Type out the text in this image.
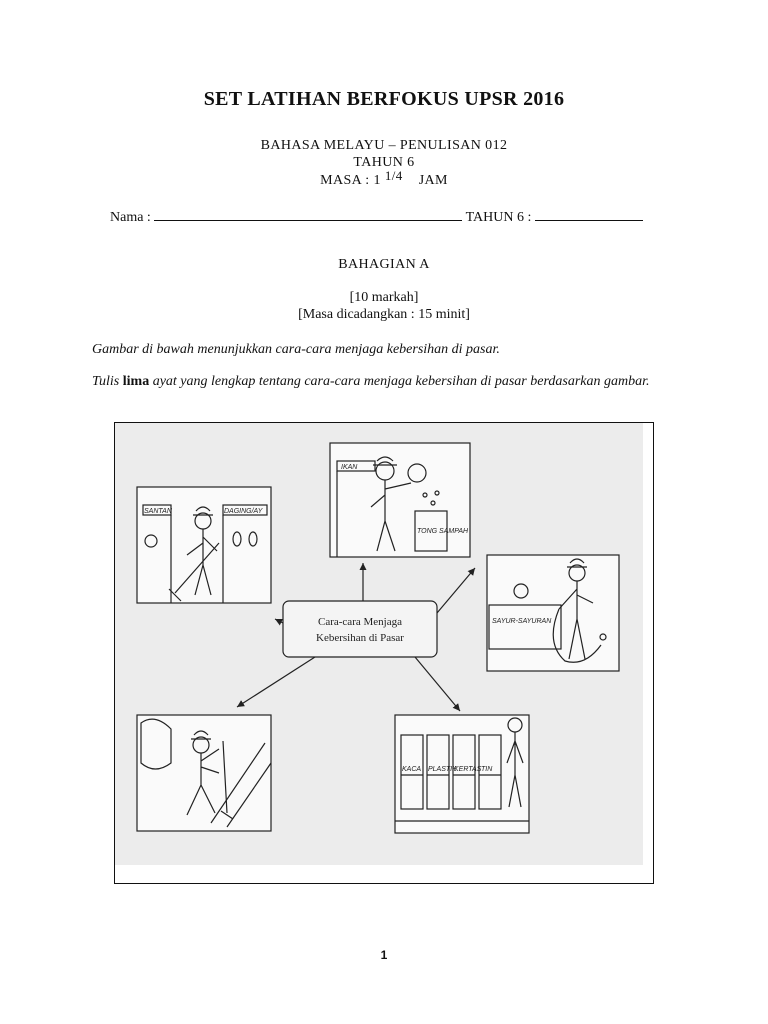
SET LATIHAN BERFOKUS UPSR 2016
BAHASA MELAYU – PENULISAN 012
TAHUN 6
MASA : 1 1/4 JAM
Nama :	TAHUN 6 :
BAHAGIAN A
[10 markah]
[Masa dicadangkan : 15 minit]
Gambar di bawah menunjukkan cara-cara menjaga kebersihan di pasar.
Tulis lima ayat yang lengkap tentang cara-cara menjaga kebersihan di pasar berdasarkan gambar.
Cara-cara Menjaga
Kebersihan di Pasar
IKAN
TONG SAMPAH
SANTAN	DAGING/AY
SAYUR-SAYURAN
KACA PLASTIK
KERTAS TIN
1
